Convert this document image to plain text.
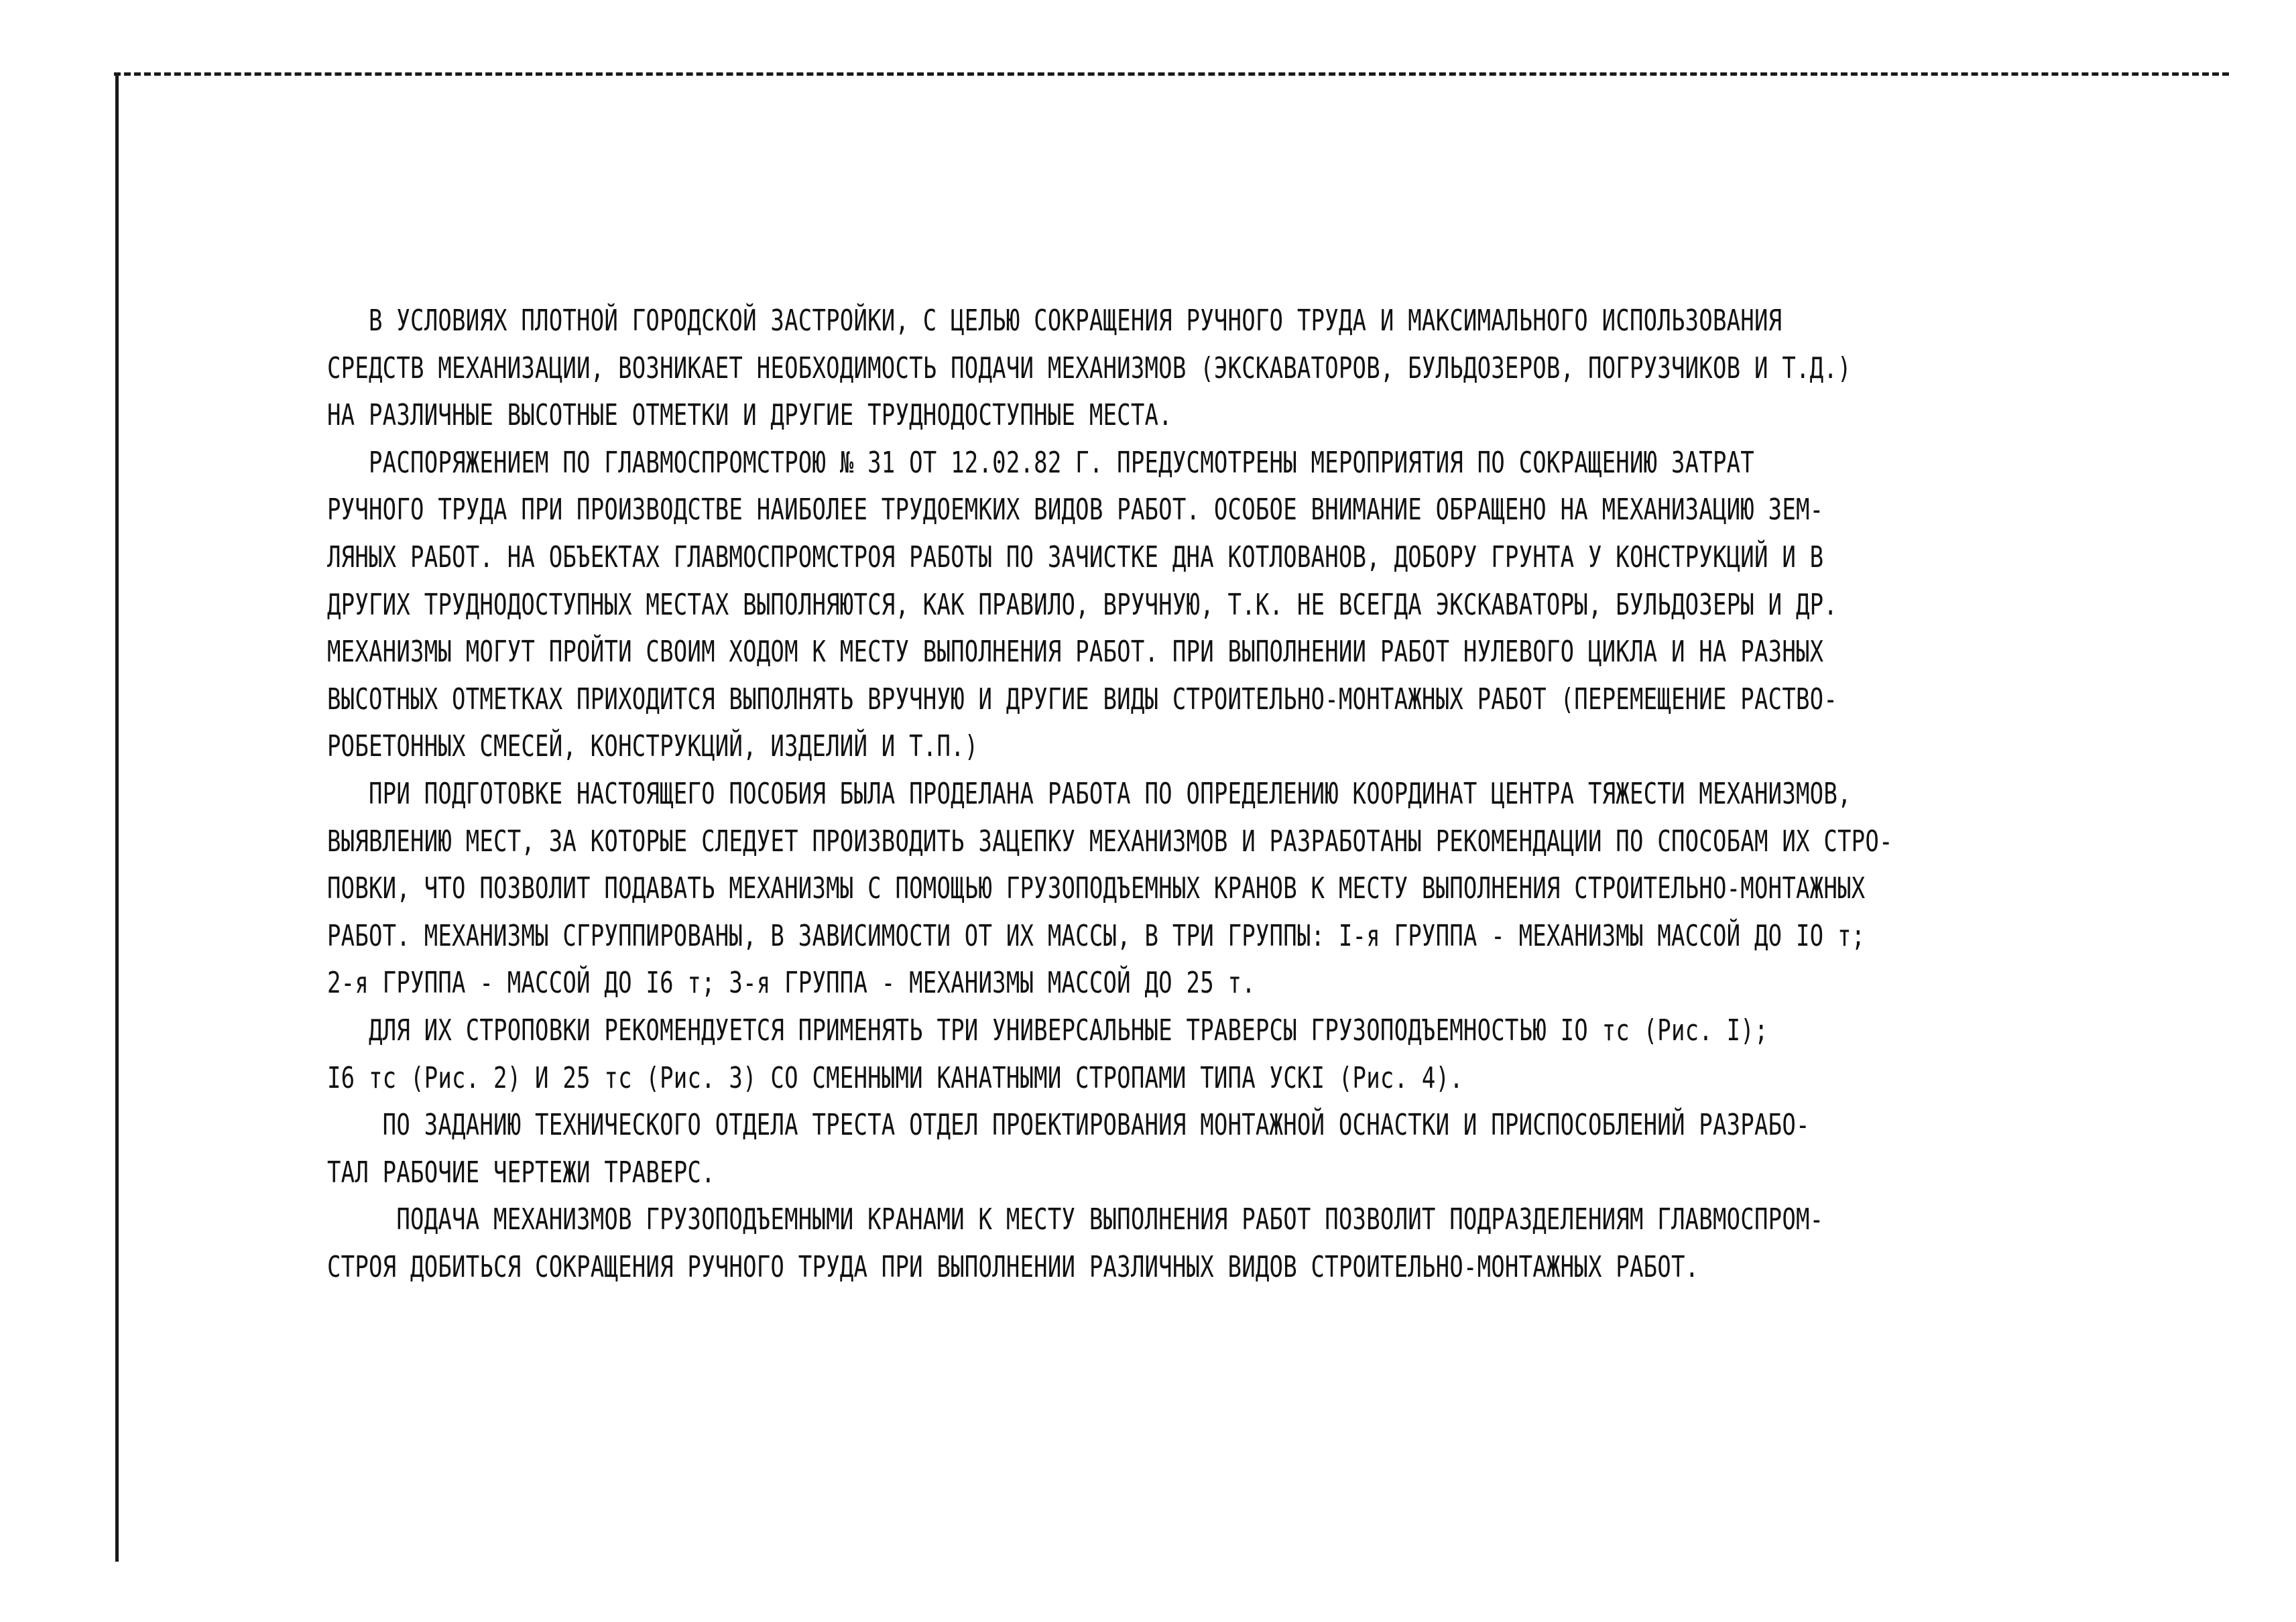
В УСЛОВИЯХ ПЛОТНОЙ ГОРОДСКОЙ ЗАСТРОЙКИ, С ЦЕЛЬЮ СОКРАЩЕНИЯ РУЧНОГО ТРУДА И МАКСИМАЛЬНОГО ИСПОЛЬЗОВАНИЯ
СРЕДСТВ МЕХАНИЗАЦИИ, ВОЗНИКАЕТ НЕОБХОДИМОСТЬ ПОДАЧИ МЕХАНИЗМОВ (ЭКСКАВАТОРОВ, БУЛЬДОЗЕРОВ, ПОГРУЗЧИКОВ И Т.Д.)
НА РАЗЛИЧНЫЕ ВЫСОТНЫЕ ОТМЕТКИ И ДРУГИЕ ТРУДНОДОСТУПНЫЕ МЕСТА.
РАСПОРЯЖЕНИЕМ ПО ГЛАВМОСПРОМСТРОЮ № 31 ОТ 12.02.82 Г. ПРЕДУСМОТРЕНЫ МЕРОПРИЯТИЯ ПО СОКРАЩЕНИЮ ЗАТРАТ
РУЧНОГО ТРУДА ПРИ ПРОИЗВОДСТВЕ НАИБОЛЕЕ ТРУДОЕМКИХ ВИДОВ РАБОТ. ОСОБОЕ ВНИМАНИЕ ОБРАЩЕНО НА МЕХАНИЗАЦИЮ ЗЕМ-
ЛЯНЫХ РАБОТ. НА ОБЪЕКТАХ ГЛАВМОСПРОМСТРОЯ РАБОТЫ ПО ЗАЧИСТКЕ ДНА КОТЛОВАНОВ, ДОБОРУ ГРУНТА У КОНСТРУКЦИЙ И В
ДРУГИХ ТРУДНОДОСТУПНЫХ МЕСТАХ ВЫПОЛНЯЮТСЯ, КАК ПРАВИЛО, ВРУЧНУЮ, Т.К. НЕ ВСЕГДА ЭКСКАВАТОРЫ, БУЛЬДОЗЕРЫ И ДР.
МЕХАНИЗМЫ МОГУТ ПРОЙТИ СВОИМ ХОДОМ К МЕСТУ ВЫПОЛНЕНИЯ РАБОТ. ПРИ ВЫПОЛНЕНИИ РАБОТ НУЛЕВОГО ЦИКЛА И НА РАЗНЫХ
ВЫСОТНЫХ ОТМЕТКАХ ПРИХОДИТСЯ ВЫПОЛНЯТЬ ВРУЧНУЮ И ДРУГИЕ ВИДЫ СТРОИТЕЛЬНО-МОНТАЖНЫХ РАБОТ (ПЕРЕМЕЩЕНИЕ РАСТВО-
РОБЕТОННЫХ СМЕСЕЙ, КОНСТРУКЦИЙ, ИЗДЕЛИЙ И Т.П.)
ПРИ ПОДГОТОВКЕ НАСТОЯЩЕГО ПОСОБИЯ БЫЛА ПРОДЕЛАНА РАБОТА ПО ОПРЕДЕЛЕНИЮ КООРДИНАТ ЦЕНТРА ТЯЖЕСТИ МЕХАНИЗМОВ,
ВЫЯВЛЕНИЮ МЕСТ, ЗА КОТОРЫЕ СЛЕДУЕТ ПРОИЗВОДИТЬ ЗАЦЕПКУ МЕХАНИЗМОВ И РАЗРАБОТАНЫ РЕКОМЕНДАЦИИ ПО СПОСОБАМ ИХ СТРО-
ПОВКИ, ЧТО ПОЗВОЛИТ ПОДАВАТЬ МЕХАНИЗМЫ С ПОМОЩЬЮ ГРУЗОПОДЪЕМНЫХ КРАНОВ К МЕСТУ ВЫПОЛНЕНИЯ СТРОИТЕЛЬНО-МОНТАЖНЫХ
РАБОТ. МЕХАНИЗМЫ СГРУППИРОВАНЫ, В ЗАВИСИМОСТИ ОТ ИХ МАССЫ, В ТРИ ГРУППЫ: I-я ГРУППА - МЕХАНИЗМЫ МАССОЙ ДО IO т;
2-я ГРУППА - МАССОЙ ДО I6 т; 3-я ГРУППА - МЕХАНИЗМЫ МАССОЙ ДО 25 т.
ДЛЯ ИХ СТРОПОВКИ РЕКОМЕНДУЕТСЯ ПРИМЕНЯТЬ ТРИ УНИВЕРСАЛЬНЫЕ ТРАВЕРСЫ ГРУЗОПОДЪЕМНОСТЬЮ IO тс (Рис. I);
I6 тс (Рис. 2) И 25 тс (Рис. 3) СО СМЕННЫМИ КАНАТНЫМИ СТРОПАМИ ТИПА УСКI (Рис. 4).
ПО ЗАДАНИЮ ТЕХНИЧЕСКОГО ОТДЕЛА ТРЕСТА ОТДЕЛ ПРОЕКТИРОВАНИЯ МОНТАЖНОЙ ОСНАСТКИ И ПРИСПОСОБЛЕНИЙ РАЗРАБО-
ТАЛ РАБОЧИЕ ЧЕРТЕЖИ ТРАВЕРС.
ПОДАЧА МЕХАНИЗМОВ ГРУЗОПОДЪЕМНЫМИ КРАНАМИ К МЕСТУ ВЫПОЛНЕНИЯ РАБОТ ПОЗВОЛИТ ПОДРАЗДЕЛЕНИЯМ ГЛАВМОСПРОМ-
СТРОЯ ДОБИТЬСЯ СОКРАЩЕНИЯ РУЧНОГО ТРУДА ПРИ ВЫПОЛНЕНИИ РАЗЛИЧНЫХ ВИДОВ СТРОИТЕЛЬНО-МОНТАЖНЫХ РАБОТ.
